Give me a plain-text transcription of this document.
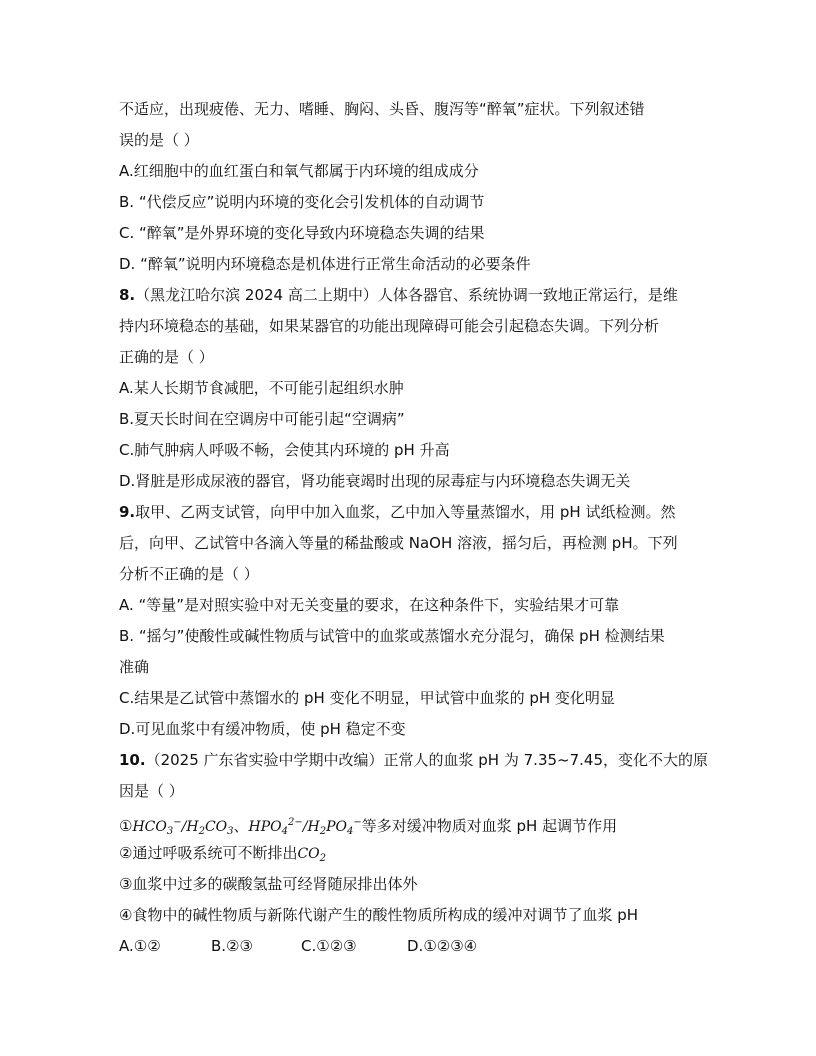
不适应，出现疲倦、无力、嗜睡、胸闷、头昏、腹泻等“醉氧”症状。下列叙述错
误的是（ ）
A.红细胞中的血红蛋白和氧气都属于内环境的组成成分
B. “代偿反应”说明内环境的变化会引发机体的自动调节
C. “醉氧”是外界环境的变化导致内环境稳态失调的结果
D. “醉氧”说明内环境稳态是机体进行正常生命活动的必要条件
8.（黑龙江哈尔滨 2024 高二上期中）人体各器官、系统协调一致地正常运行，是维
持内环境稳态的基础，如果某器官的功能出现障碍可能会引起稳态失调。下列分析
正确的是（ ）
A.某人长期节食减肥，不可能引起组织水肿
B.夏天长时间在空调房中可能引起“空调病”
C.肺气肿病人呼吸不畅，会使其内环境的 pH 升高
D.肾脏是形成尿液的器官，肾功能衰竭时出现的尿毒症与内环境稳态失调无关
9.取甲、乙两支试管，向甲中加入血浆，乙中加入等量蒸馏水，用 pH 试纸检测。然
后，向甲、乙试管中各滴入等量的稀盐酸或 NaOH 溶液，摇匀后，再检测 pH。下列
分析不正确的是（ ）
A. “等量”是对照实验中对无关变量的要求，在这种条件下，实验结果才可靠
B. “摇匀”使酸性或碱性物质与试管中的血浆或蒸馏水充分混匀，确保 pH 检测结果
准确
C.结果是乙试管中蒸馏水的 pH 变化不明显，甲试管中血浆的 pH 变化明显
D.可见血浆中有缓冲物质，使 pH 稳定不变
10.（2025 广东省实验中学期中改编）正常人的血浆 pH 为 7.35~7.45，变化不大的原
因是（ ）
$①HCO_3^-/H_2CO_3$、$HPO_4^{2-}/H_2PO_4^-$等多对缓冲物质对血浆 pH 起调节作用
②通过呼吸系统可不断排出$CO_2$
③血浆中过多的碳酸氢盐可经肾随尿排出体外
④食物中的碱性物质与新陈代谢产生的酸性物质所构成的缓冲对调节了血浆 pH
A.①②	B.②③	C.①②③	D.①②③④
